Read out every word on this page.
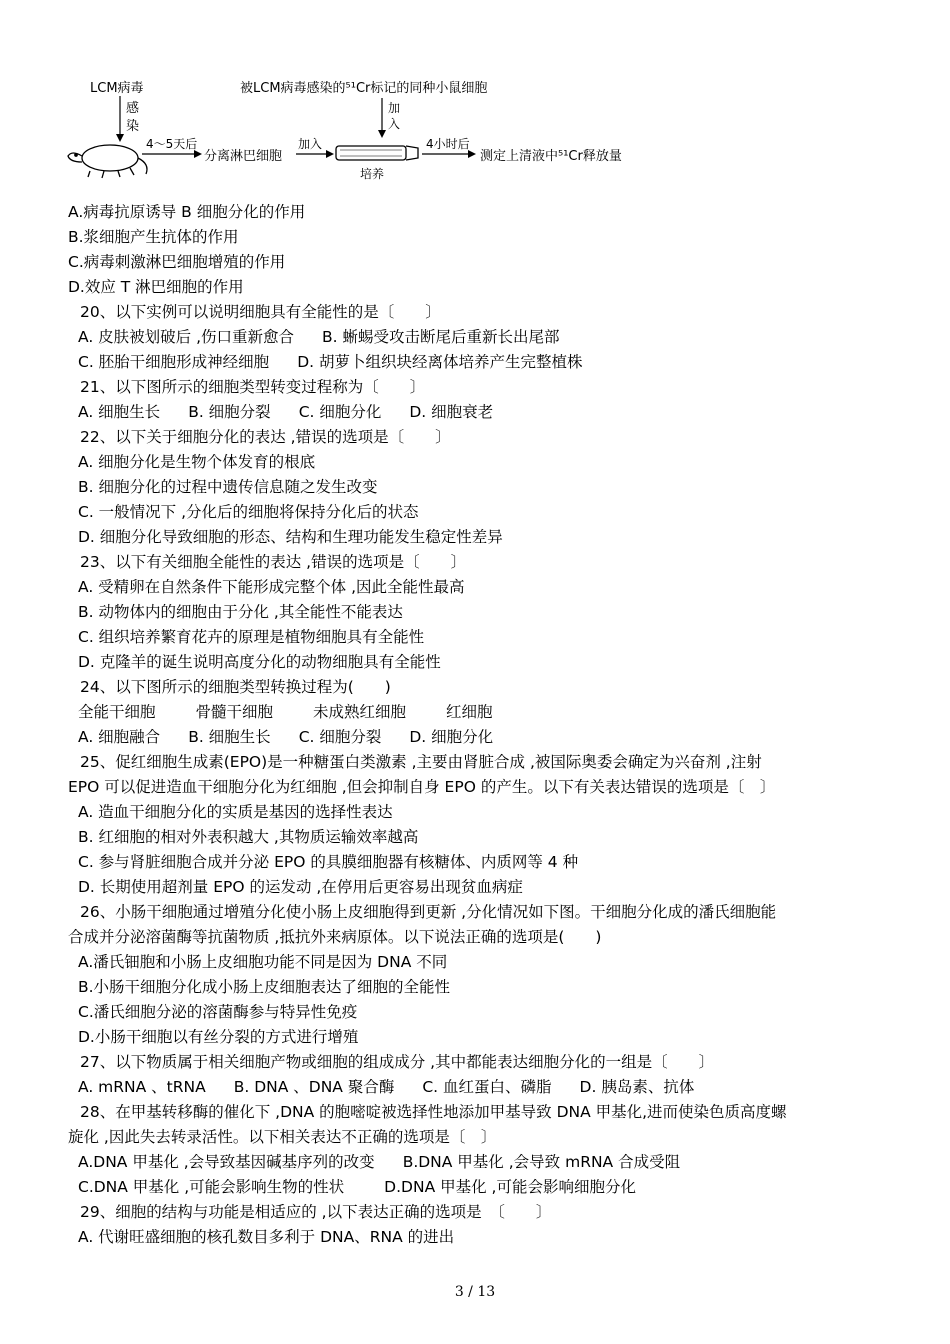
LCM病毒	被LCM病毒感染的⁵¹Cr标记的同种小鼠细胞
感
染
4～5天后
分离淋巴细胞
加入
加
入
培养
4小时后
测定上清液中⁵¹Cr释放量
A.病毒抗原诱导 B 细胞分化的作用
B.浆细胞产生抗体的作用
C.病毒刺激淋巴细胞增殖的作用
D.效应 T 淋巴细胞的作用
20、以下实例可以说明细胞具有全能性的是〔　　〕
A. 皮肤被划破后 ,伤口重新愈合 B. 蜥蜴受攻击断尾后重新长出尾部
C. 胚胎干细胞形成神经细胞 D. 胡萝卜组织块经离体培养产生完整植株
21、以下图所示的细胞类型转变过程称为〔　　〕
A. 细胞生长 B. 细胞分裂 C. 细胞分化 D. 细胞衰老
22、以下关于细胞分化的表达 ,错误的选项是〔　　〕
A. 细胞分化是生物个体发育的根底
B. 细胞分化的过程中遗传信息随之发生改变
C. 一般情况下 ,分化后的细胞将保持分化后的状态
D. 细胞分化导致细胞的形态、结构和生理功能发生稳定性差异
23、以下有关细胞全能性的表达 ,错误的选项是〔　　〕
A. 受精卵在自然条件下能形成完整个体 ,因此全能性最高
B. 动物体内的细胞由于分化 ,其全能性不能表达
C. 组织培养繁育花卉的原理是植物细胞具有全能性
D. 克隆羊的诞生说明高度分化的动物细胞具有全能性
24、以下图所示的细胞类型转换过程为(　　)
全能干细胞	骨髓干细胞	未成熟红细胞	红细胞
A. 细胞融合 B. 细胞生长 C. 细胞分裂 D. 细胞分化
25、促红细胞生成素(EPO)是一种糖蛋白类激素 ,主要由肾脏合成 ,被国际奥委会确定为兴奋剂 ,注射
EPO 可以促进造血干细胞分化为红细胞 ,但会抑制自身 EPO 的产生。以下有关表达错误的选项是〔　〕
A. 造血干细胞分化的实质是基因的选择性表达
B. 红细胞的相对外表积越大 ,其物质运输效率越高
C. 参与肾脏细胞合成并分泌 EPO 的具膜细胞器有核糖体、内质网等 4 种
D. 长期使用超剂量 EPO 的运发动 ,在停用后更容易出现贫血病症
26、小肠干细胞通过增殖分化使小肠上皮细胞得到更新 ,分化情况如下图。干细胞分化成的潘氏细胞能
合成并分泌溶菌酶等抗菌物质 ,抵抗外来病原体。以下说法正确的选项是(　　)
A.潘氏钿胞和小肠上皮细胞功能不同是因为 DNA 不同
B.小肠干细胞分化成小肠上皮细胞表达了细胞的全能性
C.潘氏细胞分泌的溶菌酶参与特异性免疫
D.小肠干细胞以有丝分裂的方式进行增殖
27、以下物质属于相关细胞产物或细胞的组成成分 ,其中都能表达细胞分化的一组是〔　　〕
A. mRNA 、tRNA B. DNA 、DNA 聚合酶 C. 血红蛋白、磷脂 D. 胰岛素、抗体
28、在甲基转移酶的催化下 ,DNA 的胞嘧啶被选择性地添加甲基导致 DNA 甲基化,进而使染色质高度螺
旋化 ,因此失去转录活性。以下相关表达不正确的选项是〔　〕
A.DNA 甲基化 ,会导致基因碱基序列的改变 B.DNA 甲基化 ,会导致 mRNA 合成受阻
C.DNA 甲基化 ,可能会影响生物的性状	D.DNA 甲基化 ,可能会影响细胞分化
29、细胞的结构与功能是相适应的 ,以下表达正确的选项是　〔　　〕
A. 代谢旺盛细胞的核孔数目多利于 DNA、RNA 的进出
3 / 13
